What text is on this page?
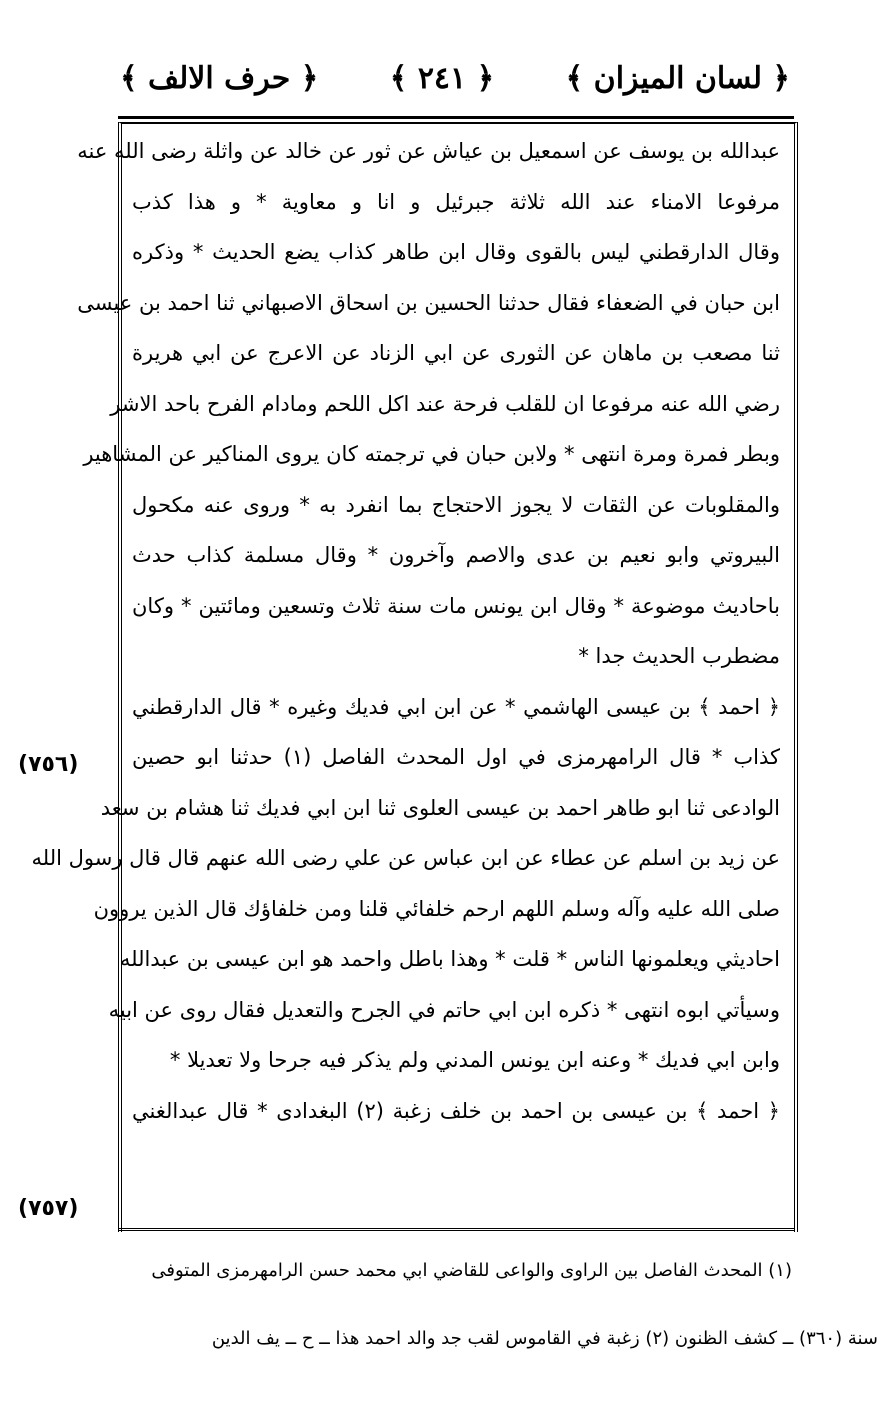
﴿ لسان الميزان ﴾
﴿ ٢٤١ ﴾
﴿ حرف الالف ﴾
عبدالله بن يوسف عن اسمعيل بن عياش عن ثور عن خالد عن واثلة رضى الله عنه
مرفوعا الامناء عند الله ثلاثة جبرئيل و انا و معاوية * و هذا كذب
وقال الدارقطني ليس بالقوى وقال ابن طاهر كذاب يضع الحديث * وذكره
ابن حبان في الضعفاء فقال حدثنا الحسين بن اسحاق الاصبهاني ثنا احمد بن عيسى
ثنا مصعب بن ماهان عن الثورى عن ابي الزناد عن الاعرج عن ابي هريرة
رضي الله عنه مرفوعا ان للقلب فرحة عند اكل اللحم ومادام الفرح باحد الاشر
وبطر فمرة ومرة انتهى * ولابن حبان في ترجمته كان يروى المناكير عن المشاهير
والمقلوبات عن الثقات لا يجوز الاحتجاج بما انفرد به * وروى عنه مكحول
البيروتي وابو نعيم بن عدى والاصم وآخرون * وقال مسلمة كذاب حدث
باحاديث موضوعة * وقال ابن يونس مات سنة ثلاث وتسعين ومائتين * وكان
مضطرب الحديث جدا *
﴿ احمد ﴾ بن عيسى الهاشمي * عن ابن ابي فديك وغيره * قال الدارقطني
كذاب * قال الرامهرمزى في اول المحدث الفاصل (١) حدثنا ابو حصين
الوادعى ثنا ابو طاهر احمد بن عيسى العلوى ثنا ابن ابي فديك ثنا هشام بن سعد
عن زيد بن اسلم عن عطاء عن ابن عباس عن علي رضى الله عنهم قال قال رسول الله
صلى الله عليه وآله وسلم اللهم ارحم خلفائي قلنا ومن خلفاؤك قال الذين يروون
احاديثي ويعلمونها الناس * قلت * وهذا باطل واحمد هو ابن عيسى بن عبدالله
وسيأتي ابوه انتهى * ذكره ابن ابي حاتم في الجرح والتعديل فقال روى عن ابيه
وابن ابي فديك * وعنه ابن يونس المدني ولم يذكر فيه جرحا ولا تعديلا *
﴿ احمد ﴾ بن عيسى بن احمد بن خلف زغبة (٢) البغدادى * قال عبدالغني
(٧٥٦)
(٧٥٧)
(١) المحدث الفاصل بين الراوى والواعى للقاضي ابي محمد حسن الرامهرمزى المتوفى
سنة (٣٦٠) ــ كشف الظنون (٢) زغبة في القاموس لقب جد والد احمد هذا ــ ح ــ يف الدين
